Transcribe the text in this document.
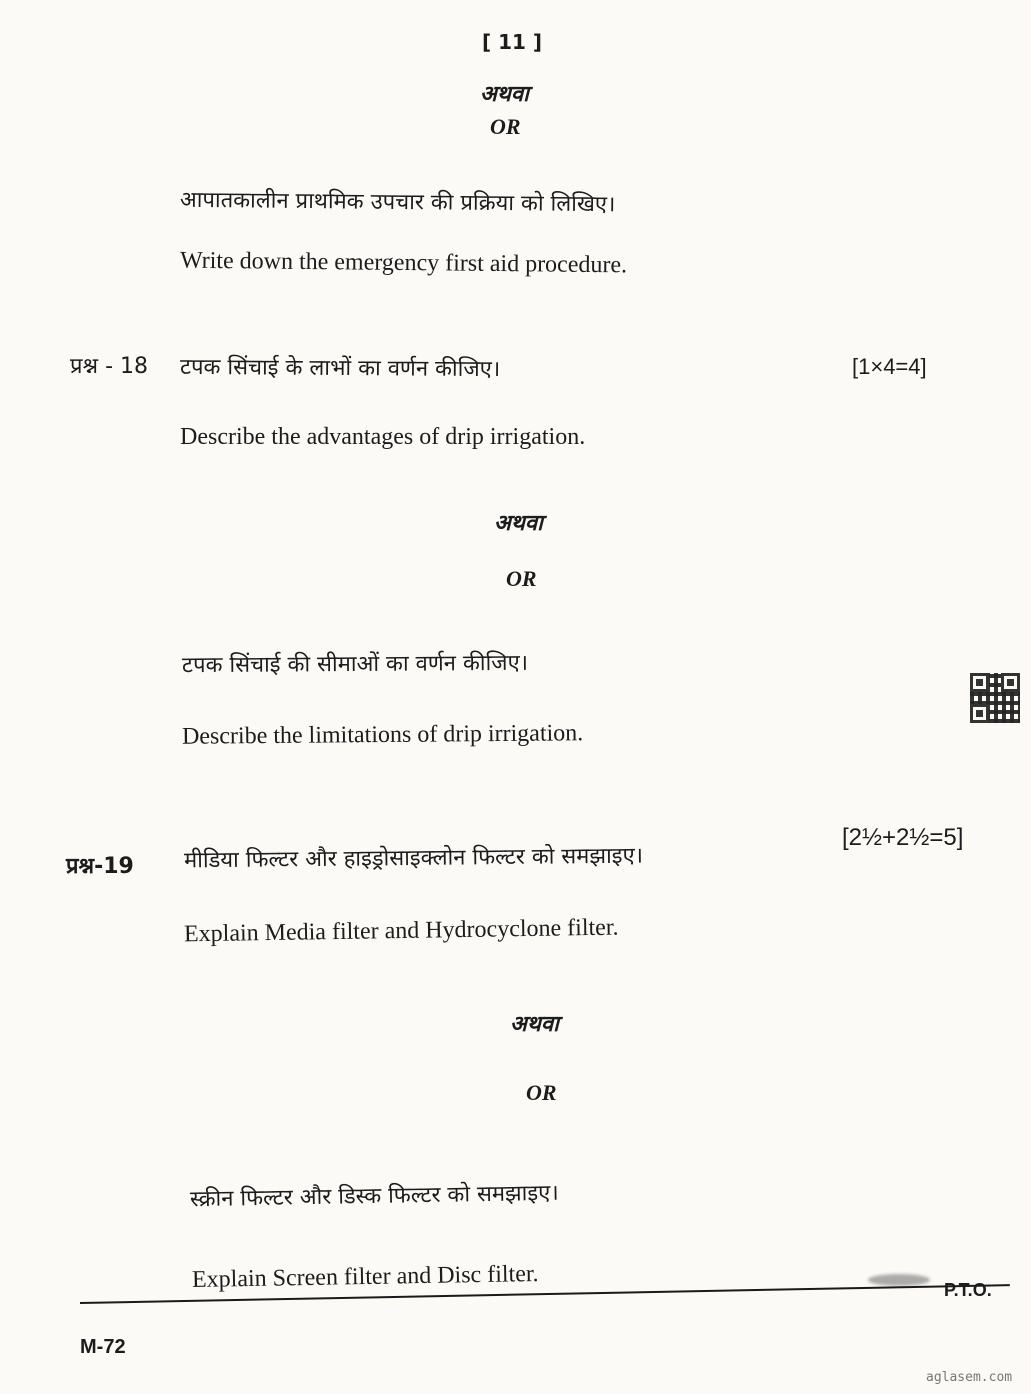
[ 11 ]
अथवा
OR
आपातकालीन प्राथमिक उपचार की प्रक्रिया को लिखिए।
Write down the emergency first aid procedure.
प्रश्न - 18 टपक सिंचाई के लाभों का वर्णन कीजिए।	[1×4=4]
Describe the advantages of drip irrigation.
अथवा
OR
टपक सिंचाई की सीमाओं का वर्णन कीजिए।
Describe the limitations of drip irrigation.
प्रश्न-19 मीडिया फिल्टर और हाइड्रोसाइक्लोन फिल्टर को समझाइए।
[2½+2½=5]
Explain Media filter and Hydrocyclone filter.
अथवा
OR
स्क्रीन फिल्टर और डिस्क फिल्टर को समझाइए।
Explain Screen filter and Disc filter.	P.T.O.
M-72
aglasem.com
